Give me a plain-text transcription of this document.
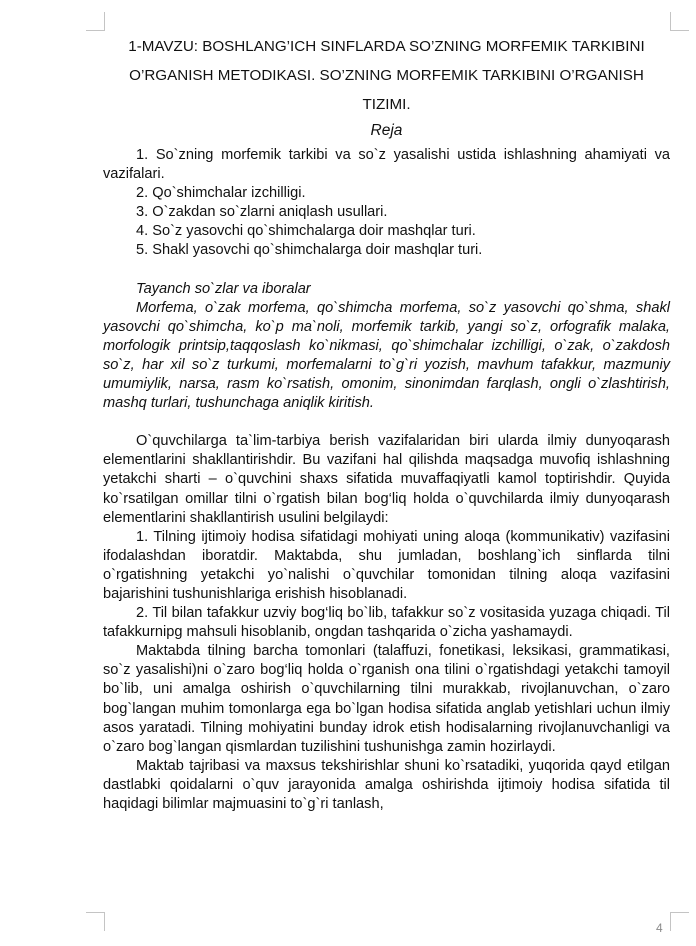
1-MAVZU: BOSHLANG’ICH SINFLARDA SO’ZNING MORFEMIK TARKIBINI
O’RGANISH METODIKASI. SO’ZNING MORFEMIK TARKIBINI O’RGANISH
TIZIMI.
Reja

1. So`zning morfemik tarkibi va so`z yasalishi ustida ishlashning ahamiyati va vazifalari.

2. Qo`shimchalar izchilligi.

3. O`zakdan so`zlarni aniqlash usullari.

4. So`z yasovchi qo`shimchalarga doir mashqlar turi.

5. Shakl yasovchi qo`shimchalarga doir mashqlar turi.

Tayanch so`zlar va iboralar

Morfema, o`zak morfema, qo`shimcha morfema, so`z yasovchi qo`shma, shakl yasovchi qo`shimcha, ko`p ma`noli, morfemik tarkib, yangi so`z, orfografik malaka, morfologik printsip,taqqoslash ko`nikmasi, qo`shimchalar izchilligi, o`zak, o`zakdosh so`z, har xil so`z turkumi, morfemalarni to`g`ri yozish, mavhum tafakkur, mazmuniy umumiylik, narsa, rasm ko`rsatish, omonim, sinonimdan farqlash, ongli o`zlashtirish, mashq turlari, tushunchaga aniqlik kiritish.

O`quvchilarga ta`lim-tarbiya berish vazifalaridan biri ularda ilmiy dunyoqarash elementlarini shakllantirishdir. Bu vazifani hal qilishda maqsadga muvofiq ishlashning yetakchi sharti – o`quvchini shaxs sifatida muvaffaqiyatli kamol toptirishdir. Quyida ko`rsatilgan omillar tilni o`rgatish bilan bog‘liq holda o`quvchilarda ilmiy dunyoqarash elementlarini shakllantirish usulini belgilaydi:

1. Tilning ijtimoiy hodisa sifatidagi mohiyati uning aloqa (kommunikativ) vazifasini ifodalashdan iboratdir. Maktabda, shu jumladan, boshlang`ich sinflarda tilni o`rgatishning yetakchi yo`nalishi o`quvchilar tomonidan tilning aloqa vazifasini bajarishini tushunishlariga erishish hisoblanadi.

2. Til bilan tafakkur uzviy bog‘liq bo`lib, tafakkur so`z vositasida yuzaga chiqadi. Til tafakkurnipg mahsuli hisoblanib, ongdan tashqarida o`zicha yashamaydi.

Maktabda tilning barcha tomonlari (talaffuzi, fonetikasi, leksikasi, grammatikasi, so`z yasalishi)ni o`zaro bog‘liq holda o`rganish ona tilini o`rgatishdagi yetakchi tamoyil bo`lib, uni amalga oshirish o`quvchilarning tilni murakkab, rivojlanuvchan, o`zaro bog`langan muhim tomonlarga ega bo`lgan hodisa sifatida anglab yetishlari uchun ilmiy asos yaratadi. Tilning mohiyatini bunday idrok etish hodisalarning rivojlanuvchanligi va o`zaro bog`langan qismlardan tuzilishini tushunishga zamin hozirlaydi.

Maktab tajribasi va maxsus tekshirishlar shuni ko`rsatadiki, yuqorida qayd etilgan dastlabki qoidalarni o`quv jarayonida amalga oshirishda ijtimoiy hodisa sifatida til haqidagi bilimlar majmuasini to`g`ri tanlash,

4
